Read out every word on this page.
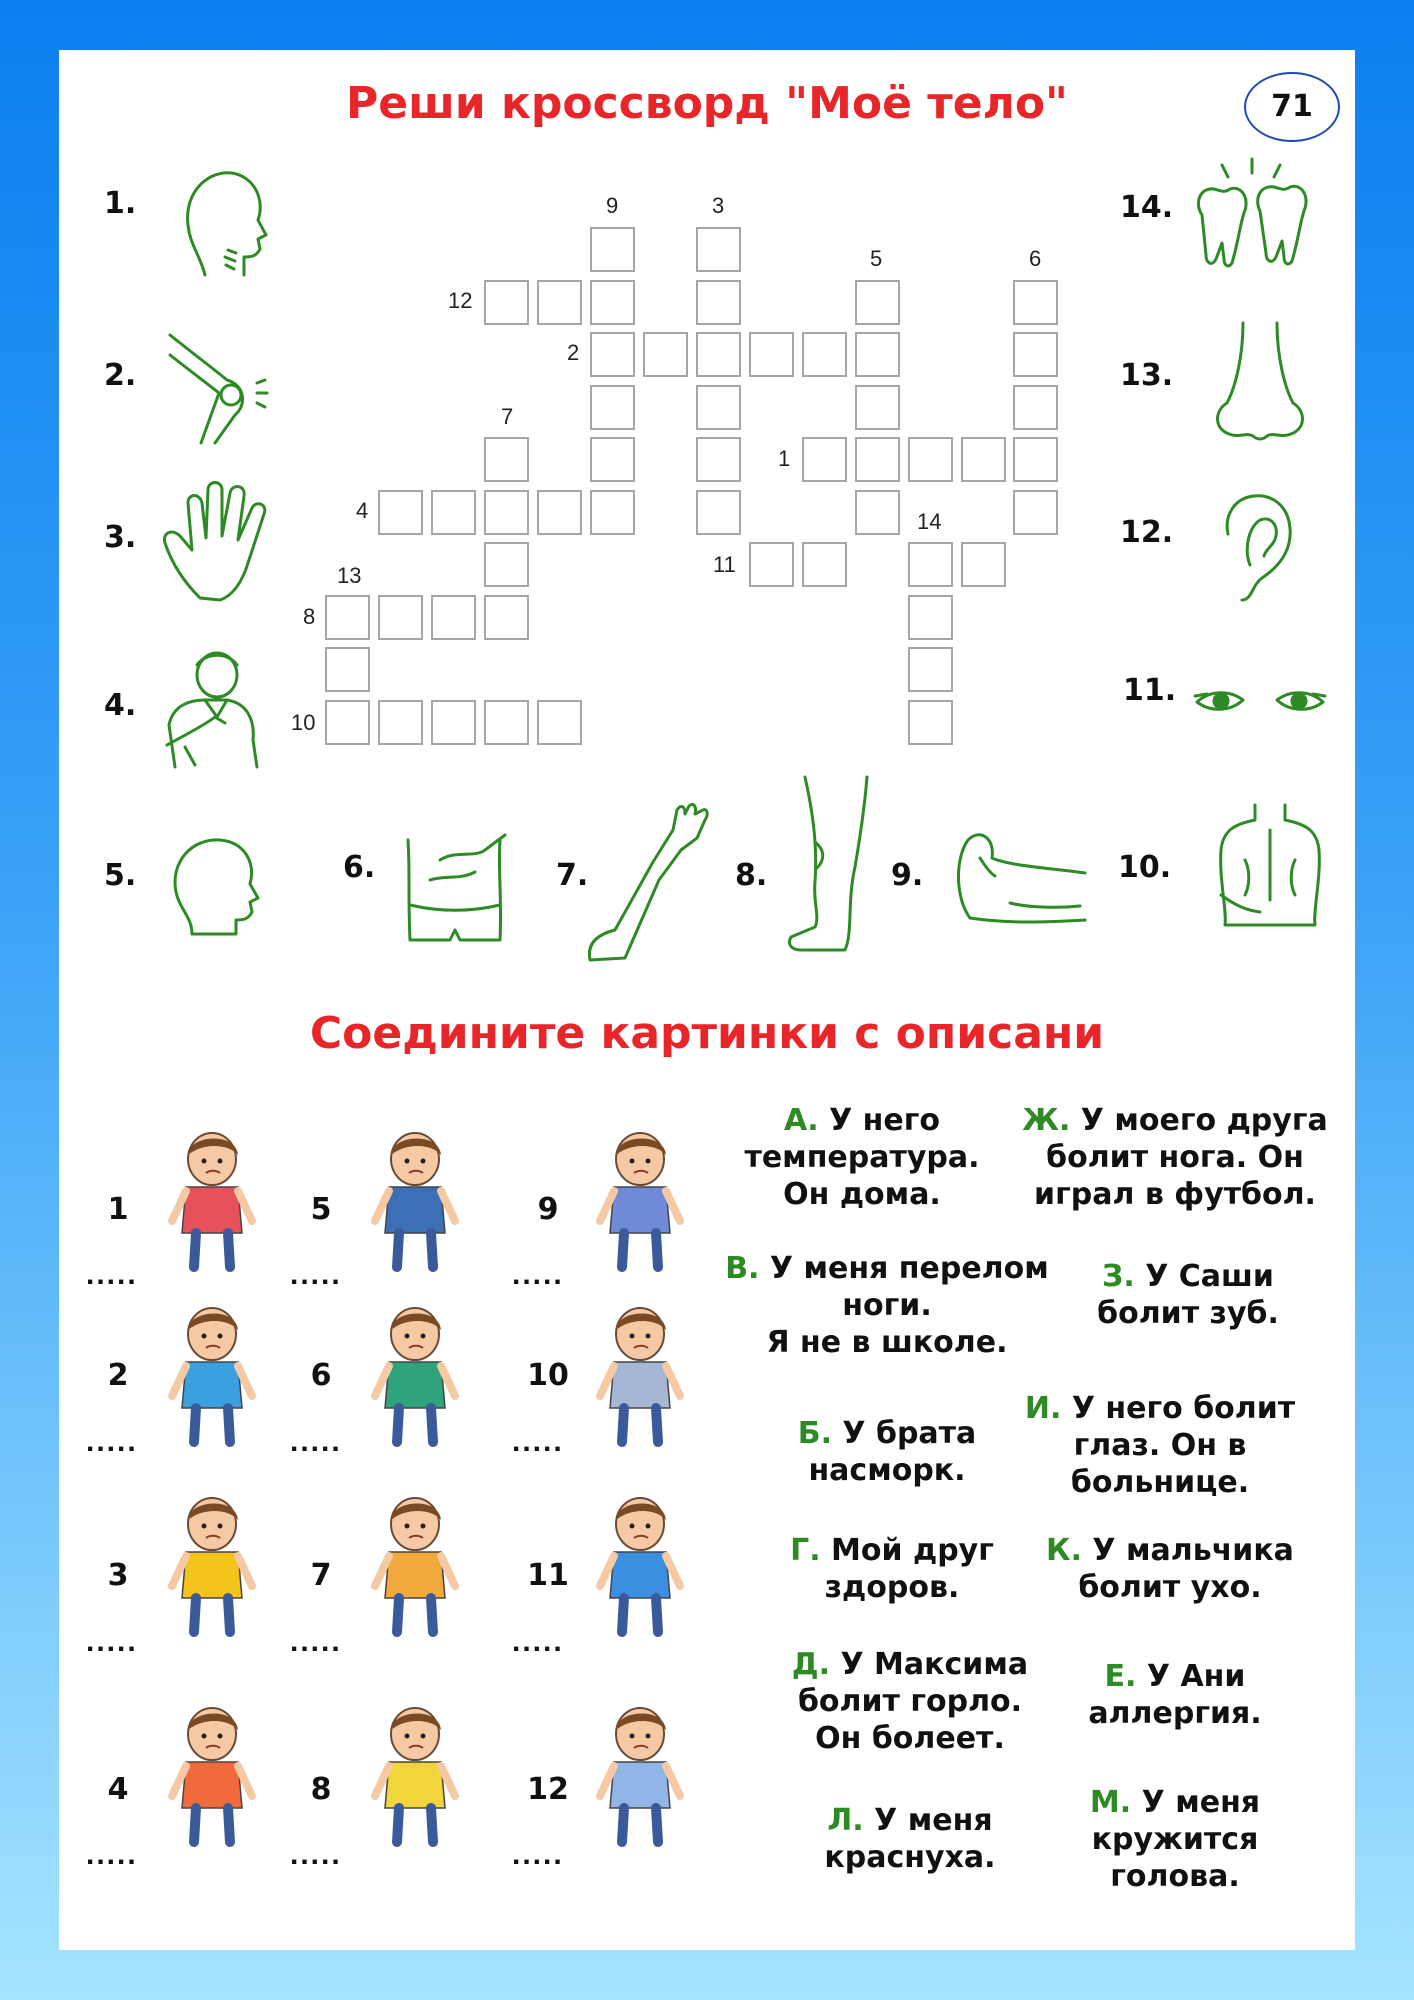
Реши кроссворд "Моё тело"	71
1.
2.
3.
4.
5.	6.	7.	8.	9.	10.
14.
13.
12.
11.
9	3
5	6
12
2
7
1
4	14
11
13
8
10
Соедините картинки с описани
1
.....
2
.....
3
.....
4
.....
5
.....
6
.....
7
.....
8
.....
9
.....
10
.....
11
.....
12
.....
А. У него
температура.
Он дома.
Ж. У моего друга
болит нога. Он
играл в футбол.
В. У меня перелом
ноги.
Я не в школе.
З. У Саши
болит зуб.
Б. У брата
насморк.
И. У него болит
глаз. Он в
больнице.
Г. Мой друг
здоров.
К. У мальчика
болит ухо.
Д. У Максима
болит горло.
Он болеет.
Е. У Ани
аллергия.
Л. У меня
краснуха.
М. У меня
кружится
голова.
